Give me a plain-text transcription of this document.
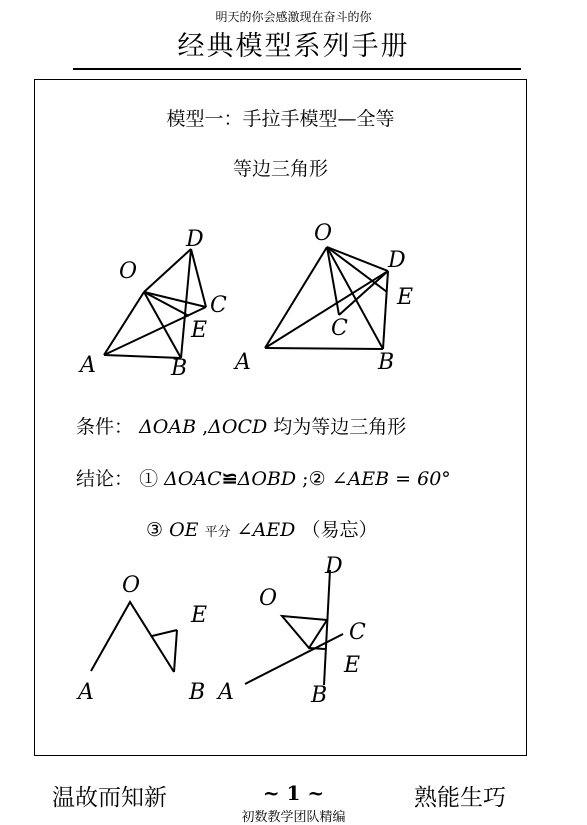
明天的你会感激现在奋斗的你
经典模型系列手册
模型一：手拉手模型—全等
等边三角形
D
O
C
E
A	B
O
D
E
C
A	B
条件： ΔOAB ,ΔOCD 均为等边三角形
结论： ① ΔOAC≌ΔOBD ;② ∠AEB = 60°
③ OE 平分 ∠AED （易忘）
O
E
A	B
D
O
C
E
A	B
温故而知新	~ 1 ~	熟能生巧
初数教学团队精编
